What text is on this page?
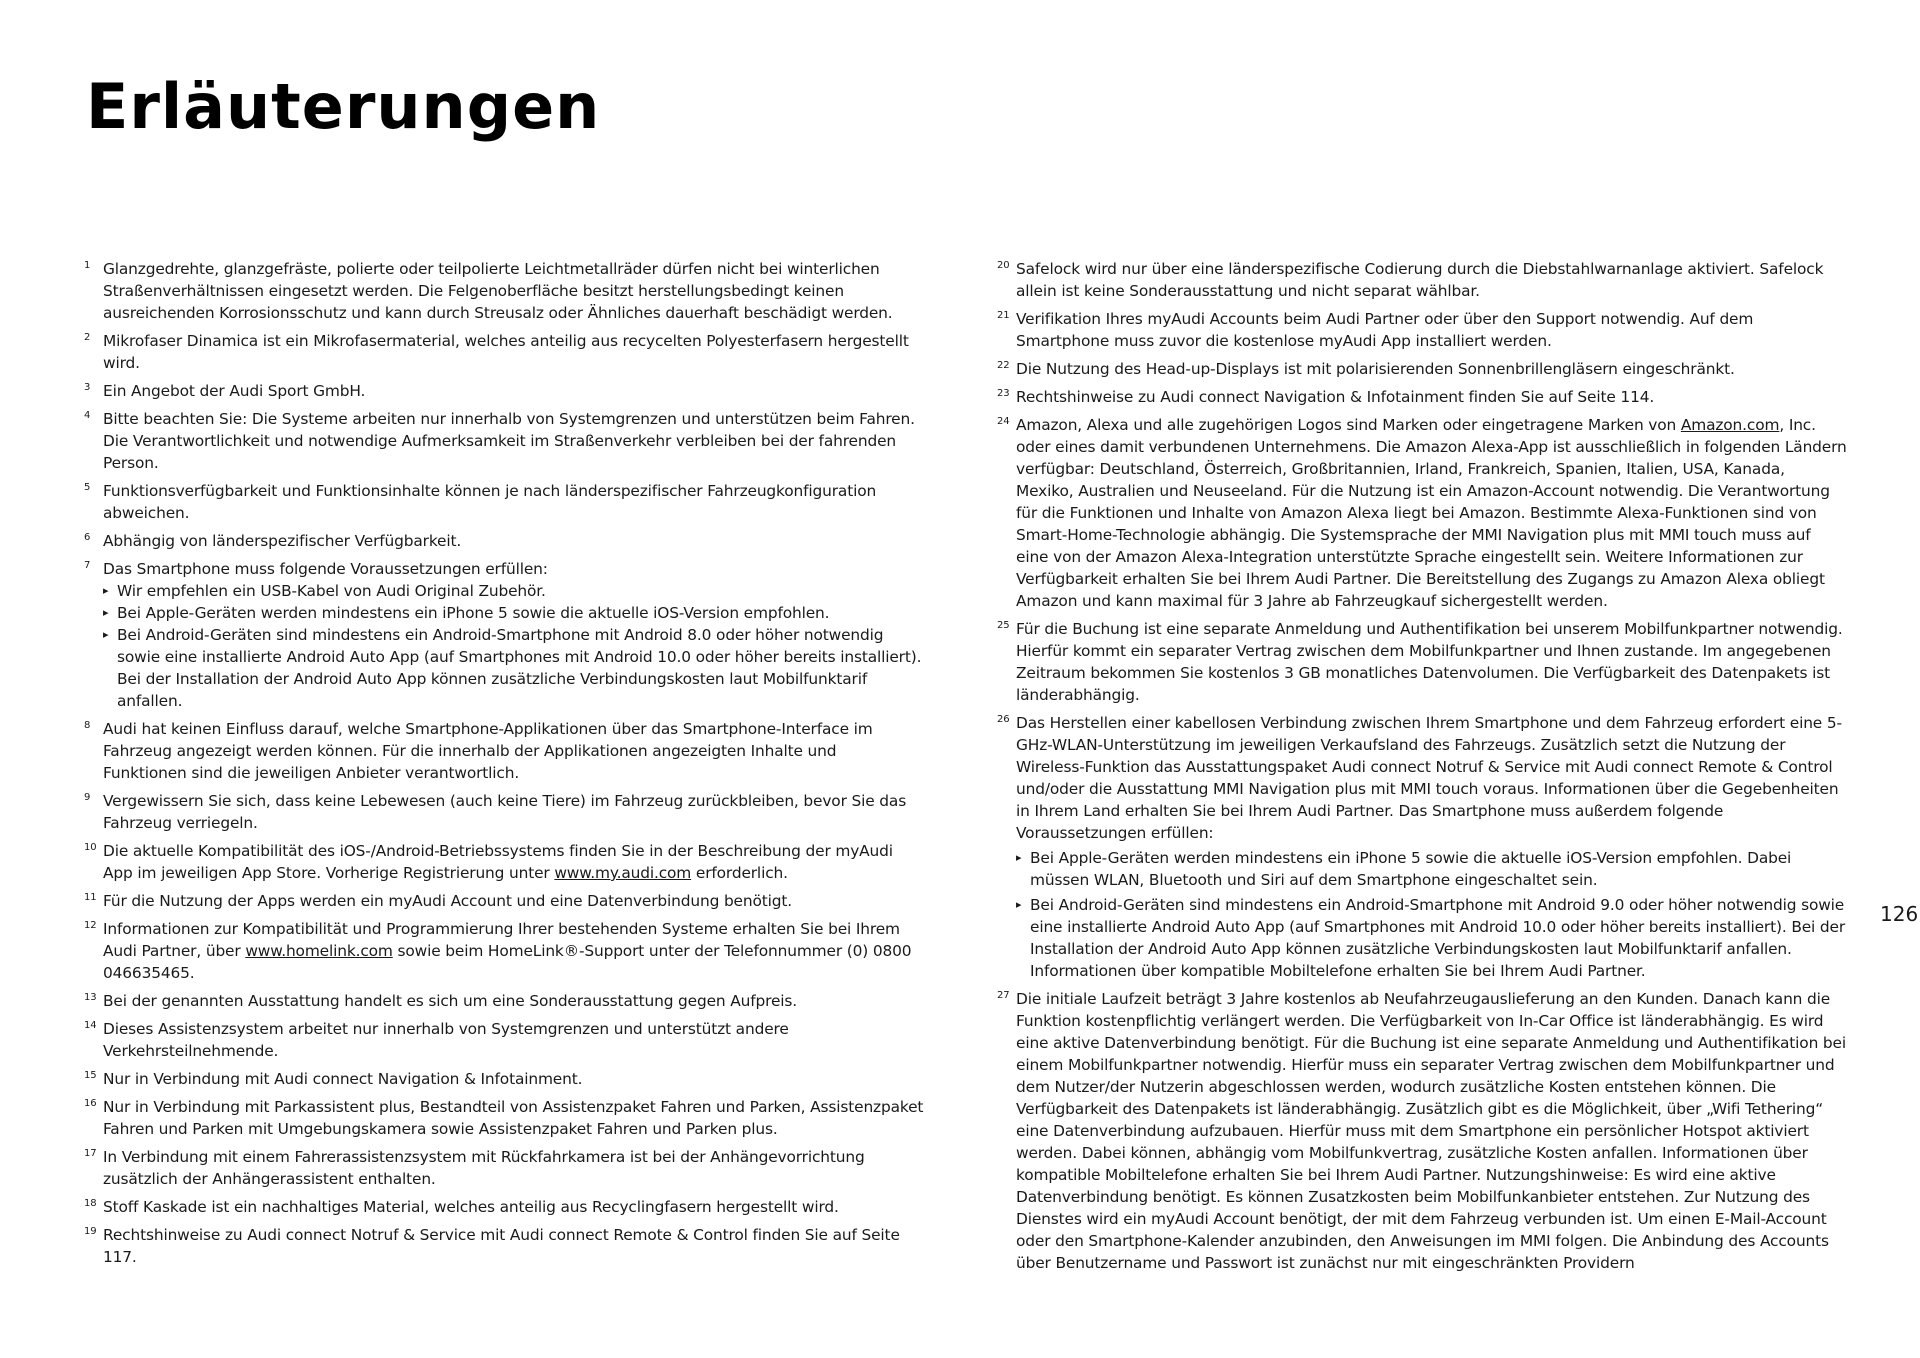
Erläuterungen
1 Glanzgedrehte, glanzgefräste, polierte oder teilpolierte Leichtmetallräder dürfen nicht bei winterlichen Straßenverhältnissen eingesetzt werden. Die Felgenoberfläche besitzt herstellungsbedingt keinen ausreichenden Korrosionsschutz und kann durch Streusalz oder Ähnliches dauerhaft beschädigt werden.
2 Mikrofaser Dinamica ist ein Mikrofasermaterial, welches anteilig aus recycelten Polyesterfasern hergestellt wird.
3 Ein Angebot der Audi Sport GmbH.
4 Bitte beachten Sie: Die Systeme arbeiten nur innerhalb von Systemgrenzen und unterstützen beim Fahren. Die Verantwortlichkeit und notwendige Aufmerksamkeit im Straßenverkehr verbleiben bei der fahrenden Person.
5 Funktionsverfügbarkeit und Funktionsinhalte können je nach länderspezifischer Fahrzeugkonfiguration abweichen.
6 Abhängig von länderspezifischer Verfügbarkeit.
7 Das Smartphone muss folgende Voraussetzungen erfüllen:
▸ Wir empfehlen ein USB-Kabel von Audi Original Zubehör.
▸ Bei Apple-Geräten werden mindestens ein iPhone 5 sowie die aktuelle iOS-Version empfohlen.
▸ Bei Android-Geräten sind mindestens ein Android-Smartphone mit Android 8.0 oder höher notwendig sowie eine installierte Android Auto App (auf Smartphones mit Android 10.0 oder höher bereits installiert). Bei der Installation der Android Auto App können zusätzliche Verbindungskosten laut Mobilfunktarif anfallen.
8 Audi hat keinen Einfluss darauf, welche Smartphone-Applikationen über das Smartphone-Interface im Fahrzeug angezeigt werden können. Für die innerhalb der Applikationen angezeigten Inhalte und Funktionen sind die jeweiligen Anbieter verantwortlich.
9 Vergewissern Sie sich, dass keine Lebewesen (auch keine Tiere) im Fahrzeug zurückbleiben, bevor Sie das Fahrzeug verriegeln.
10 Die aktuelle Kompatibilität des iOS-/Android-Betriebssystems finden Sie in der Beschreibung der myAudi App im jeweiligen App Store. Vorherige Registrierung unter www.my.audi.com erforderlich.
11 Für die Nutzung der Apps werden ein myAudi Account und eine Datenverbindung benötigt.
12 Informationen zur Kompatibilität und Programmierung Ihrer bestehenden Systeme erhalten Sie bei Ihrem Audi Partner, über www.homelink.com sowie beim HomeLink®-Support unter der Telefonnummer (0) 0800 046635465.
13 Bei der genannten Ausstattung handelt es sich um eine Sonderausstattung gegen Aufpreis.
14 Dieses Assistenzsystem arbeitet nur innerhalb von Systemgrenzen und unterstützt andere Verkehrsteilnehmende.
15 Nur in Verbindung mit Audi connect Navigation & Infotainment.
16 Nur in Verbindung mit Parkassistent plus, Bestandteil von Assistenzpaket Fahren und Parken, Assistenzpaket Fahren und Parken mit Umgebungskamera sowie Assistenzpaket Fahren und Parken plus.
17 In Verbindung mit einem Fahrerassistenzsystem mit Rückfahrkamera ist bei der Anhängevorrichtung zusätzlich der Anhängerassistent enthalten.
18 Stoff Kaskade ist ein nachhaltiges Material, welches anteilig aus Recyclingfasern hergestellt wird.
19 Rechtshinweise zu Audi connect Notruf & Service mit Audi connect Remote & Control finden Sie auf Seite 117.
20 Safelock wird nur über eine länderspezifische Codierung durch die Diebstahlwarnanlage aktiviert. Safelock allein ist keine Sonderausstattung und nicht separat wählbar.
21 Verifikation Ihres myAudi Accounts beim Audi Partner oder über den Support notwendig. Auf dem Smartphone muss zuvor die kostenlose myAudi App installiert werden.
22 Die Nutzung des Head-up-Displays ist mit polarisierenden Sonnenbrillengläsern eingeschränkt.
23 Rechtshinweise zu Audi connect Navigation & Infotainment finden Sie auf Seite 114.
24 Amazon, Alexa und alle zugehörigen Logos sind Marken oder eingetragene Marken von Amazon.com, Inc. oder eines damit verbundenen Unternehmens. Die Amazon Alexa-App ist ausschließlich in folgenden Ländern verfügbar: Deutschland, Österreich, Großbritannien, Irland, Frankreich, Spanien, Italien, USA, Kanada, Mexiko, Australien und Neuseeland. Für die Nutzung ist ein Amazon-Account notwendig. Die Verantwortung für die Funktionen und Inhalte von Amazon Alexa liegt bei Amazon. Bestimmte Alexa-Funktionen sind von Smart-Home-Technologie abhängig. Die Systemsprache der MMI Navigation plus mit MMI touch muss auf eine von der Amazon Alexa-Integration unterstützte Sprache eingestellt sein. Weitere Informationen zur Verfügbarkeit erhalten Sie bei Ihrem Audi Partner. Die Bereitstellung des Zugangs zu Amazon Alexa obliegt Amazon und kann maximal für 3 Jahre ab Fahrzeugkauf sichergestellt werden.
25 Für die Buchung ist eine separate Anmeldung und Authentifikation bei unserem Mobilfunkpartner notwendig. Hierfür kommt ein separater Vertrag zwischen dem Mobilfunkpartner und Ihnen zustande. Im angegebenen Zeitraum bekommen Sie kostenlos 3 GB monatliches Datenvolumen. Die Verfügbarkeit des Datenpakets ist länderabhängig.
26 Das Herstellen einer kabellosen Verbindung zwischen Ihrem Smartphone und dem Fahrzeug erfordert eine 5-GHz-WLAN-Unterstützung im jeweiligen Verkaufsland des Fahrzeugs. Zusätzlich setzt die Nutzung der Wireless-Funktion das Ausstattungspaket Audi connect Notruf & Service mit Audi connect Remote & Control und/oder die Ausstattung MMI Navigation plus mit MMI touch voraus. Informationen über die Gegebenheiten in Ihrem Land erhalten Sie bei Ihrem Audi Partner. Das Smartphone muss außerdem folgende Voraussetzungen erfüllen:
▸ Bei Apple-Geräten werden mindestens ein iPhone 5 sowie die aktuelle iOS-Version empfohlen. Dabei müssen WLAN, Bluetooth und Siri auf dem Smartphone eingeschaltet sein.
▸ Bei Android-Geräten sind mindestens ein Android-Smartphone mit Android 9.0 oder höher notwendig sowie eine installierte Android Auto App (auf Smartphones mit Android 10.0 oder höher bereits installiert). Bei der Installation der Android Auto App können zusätzliche Verbindungskosten laut Mobilfunktarif anfallen. Informationen über kompatible Mobiltelefone erhalten Sie bei Ihrem Audi Partner.
27 Die initiale Laufzeit beträgt 3 Jahre kostenlos ab Neufahrzeugauslieferung an den Kunden. Danach kann die Funktion kostenpflichtig verlängert werden. Die Verfügbarkeit von In-Car Office ist länderabhängig. Es wird eine aktive Datenverbindung benötigt. Für die Buchung ist eine separate Anmeldung und Authentifikation bei einem Mobilfunkpartner notwendig. Hierfür muss ein separater Vertrag zwischen dem Mobilfunkpartner und dem Nutzer/der Nutzerin abgeschlossen werden, wodurch zusätzliche Kosten entstehen können. Die Verfügbarkeit des Datenpakets ist länderabhängig. Zusätzlich gibt es die Möglichkeit, über „Wifi Tethering“ eine Datenverbindung aufzubauen. Hierfür muss mit dem Smartphone ein persönlicher Hotspot aktiviert werden. Dabei können, abhängig vom Mobilfunkvertrag, zusätzliche Kosten anfallen. Informationen über kompatible Mobiltelefone erhalten Sie bei Ihrem Audi Partner. Nutzungshinweise: Es wird eine aktive Datenverbindung benötigt. Es können Zusatzkosten beim Mobilfunkanbieter entstehen. Zur Nutzung des Dienstes wird ein myAudi Account benötigt, der mit dem Fahrzeug verbunden ist. Um einen E-Mail-Account oder den Smartphone-Kalender anzubinden, den Anweisungen im MMI folgen. Die Anbindung des Accounts über Benutzername und Passwort ist zunächst nur mit eingeschränkten Providern
126
